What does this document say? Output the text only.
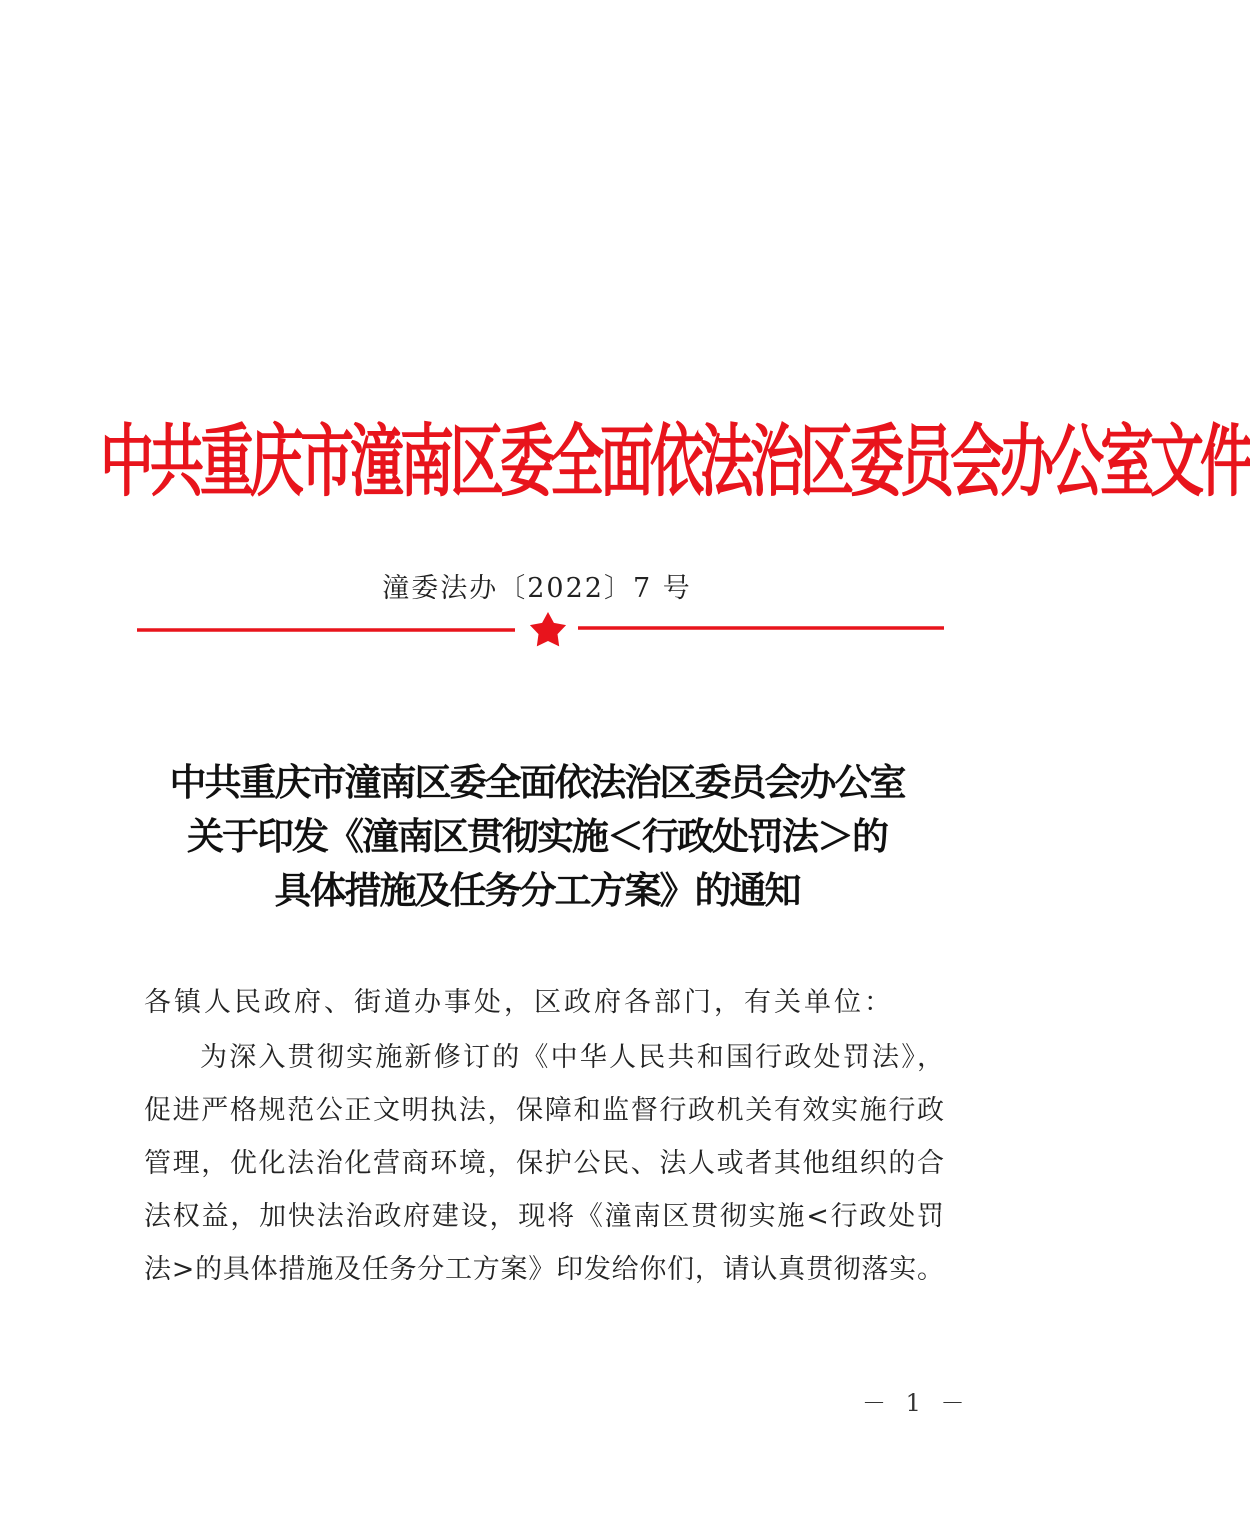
中共重庆市潼南区委全面依法治区委员会办公室文件
潼委法办〔2022〕7 号
中共重庆市潼南区委全面依法治区委员会办公室
关于印发《潼南区贯彻实施＜行政处罚法＞的
具体措施及任务分工方案》的通知
各镇人民政府、街道办事处，区政府各部门，有关单位：
为深入贯彻实施新修订的《中华人民共和国行政处罚法》，
促进严格规范公正文明执法，保障和监督行政机关有效实施行政
管理，优化法治化营商环境，保护公民、法人或者其他组织的合
法权益，加快法治政府建设，现将《潼南区贯彻实施<行政处罚
法>的具体措施及任务分工方案》印发给你们，请认真贯彻落实。
－ 1 －
